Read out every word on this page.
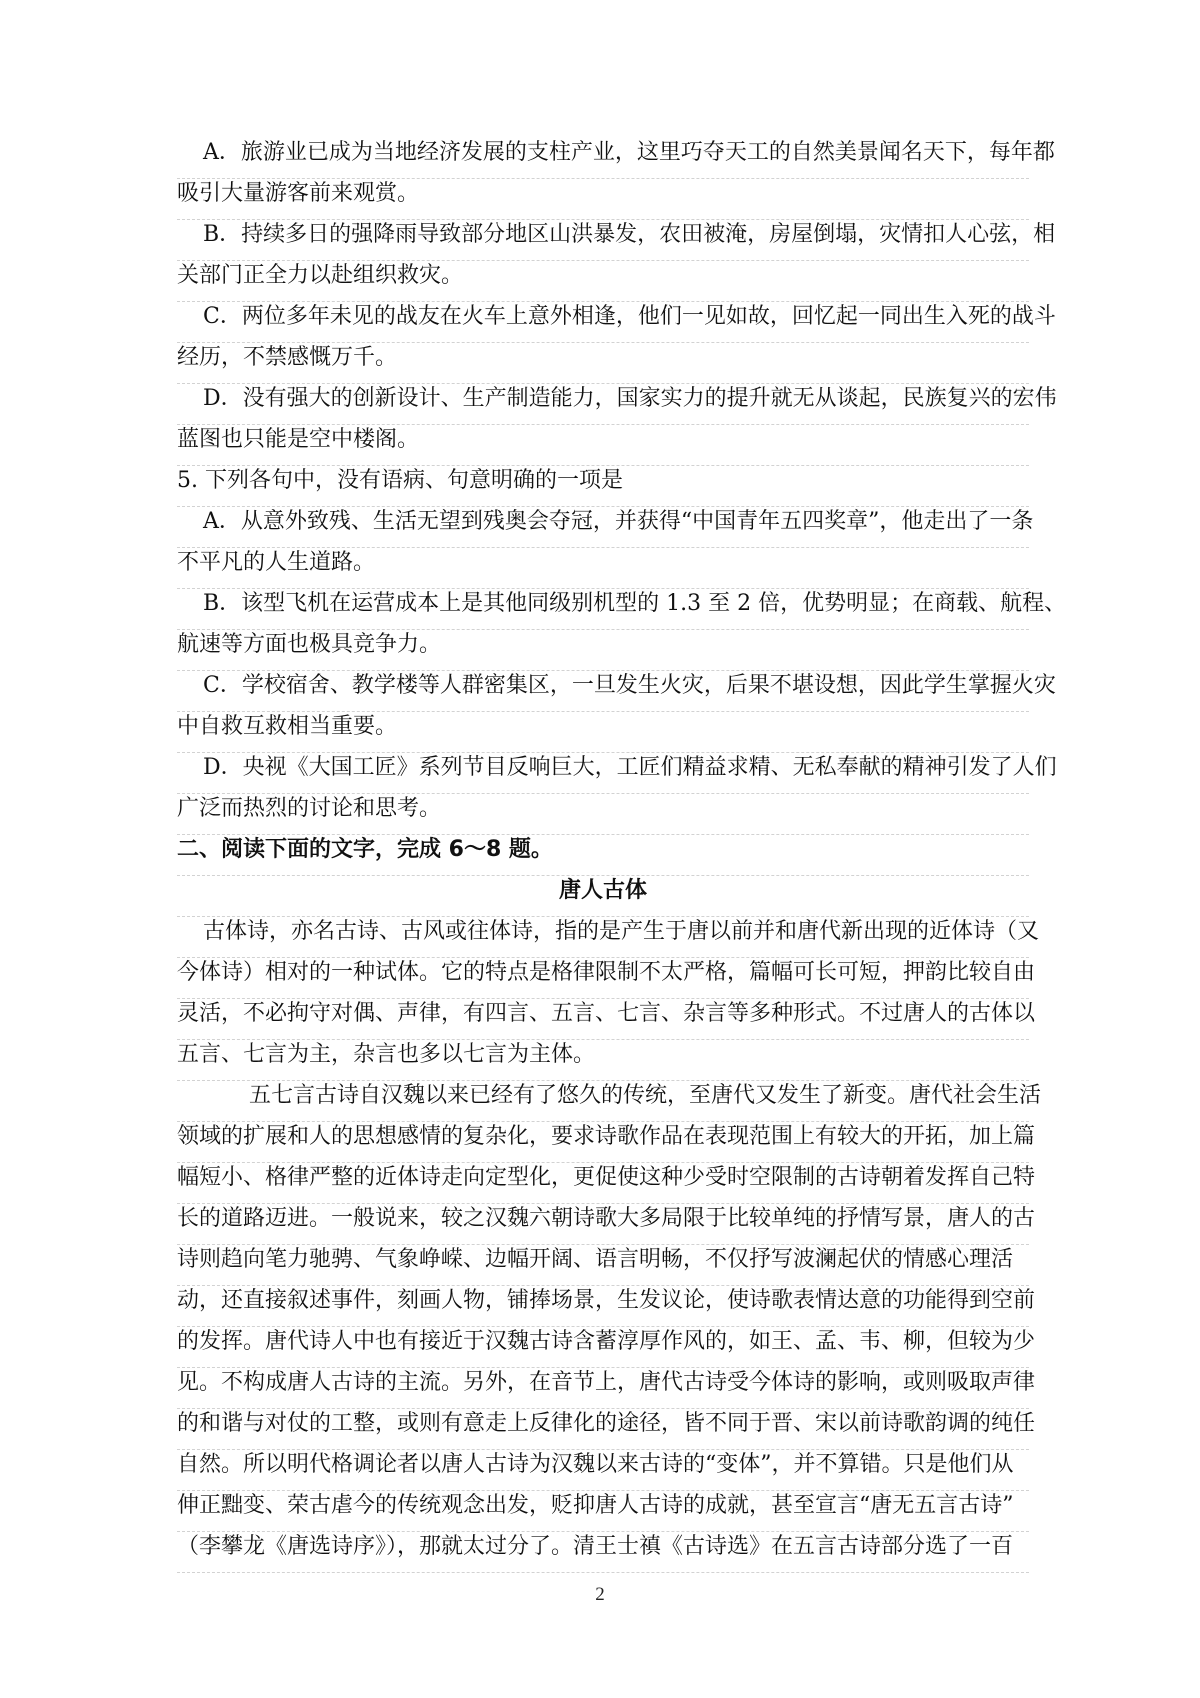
A．旅游业已成为当地经济发展的支柱产业，这里巧夺天工的自然美景闻名天下，每年都
吸引大量游客前来观赏。
B．持续多日的强降雨导致部分地区山洪暴发，农田被淹，房屋倒塌，灾情扣人心弦，相
关部门正全力以赴组织救灾。
C．两位多年未见的战友在火车上意外相逢，他们一见如故，回忆起一同出生入死的战斗
经历，不禁感慨万千。
D．没有强大的创新设计、生产制造能力，国家实力的提升就无从谈起，民族复兴的宏伟
蓝图也只能是空中楼阁。
5. 下列各句中，没有语病、句意明确的一项是
A．从意外致残、生活无望到残奥会夺冠，并获得“中国青年五四奖章”，他走出了一条
不平凡的人生道路。
B．该型飞机在运营成本上是其他同级别机型的 1.3 至 2 倍，优势明显；在商载、航程、
航速等方面也极具竞争力。
C．学校宿舍、教学楼等人群密集区，一旦发生火灾，后果不堪设想，因此学生掌握火灾
中自救互救相当重要。
D．央视《大国工匠》系列节目反响巨大，工匠们精益求精、无私奉献的精神引发了人们
广泛而热烈的讨论和思考。
二、阅读下面的文字，完成 6～8 题。
唐人古体
古体诗，亦名古诗、古风或往体诗，指的是产生于唐以前并和唐代新出现的近体诗（又
今体诗）相对的一种试体。它的特点是格律限制不太严格，篇幅可长可短，押韵比较自由
灵活，不必拘守对偶、声律，有四言、五言、七言、杂言等多种形式。不过唐人的古体以
五言、七言为主，杂言也多以七言为主体。
五七言古诗自汉魏以来已经有了悠久的传统，至唐代又发生了新变。唐代社会生活
领域的扩展和人的思想感情的复杂化，要求诗歌作品在表现范围上有较大的开拓，加上篇
幅短小、格律严整的近体诗走向定型化，更促使这种少受时空限制的古诗朝着发挥自己特
长的道路迈进。一般说来，较之汉魏六朝诗歌大多局限于比较单纯的抒情写景，唐人的古
诗则趋向笔力驰骋、气象峥嵘、边幅开阔、语言明畅，不仅抒写波澜起伏的情感心理活
动，还直接叙述事件，刻画人物，铺捧场景，生发议论，使诗歌表情达意的功能得到空前
的发挥。唐代诗人中也有接近于汉魏古诗含蓄淳厚作风的，如王、孟、韦、柳，但较为少
见。不构成唐人古诗的主流。另外，在音节上，唐代古诗受今体诗的影响，或则吸取声律
的和谐与对仗的工整，或则有意走上反律化的途径，皆不同于晋、宋以前诗歌韵调的纯任
自然。所以明代格调论者以唐人古诗为汉魏以来古诗的“变体”，并不算错。只是他们从
伸正黜变、荣古虐今的传统观念出发，贬抑唐人古诗的成就，甚至宣言“唐无五言古诗”
（李攀龙《唐选诗序》），那就太过分了。清王士禛《古诗选》在五言古诗部分选了一百
2
